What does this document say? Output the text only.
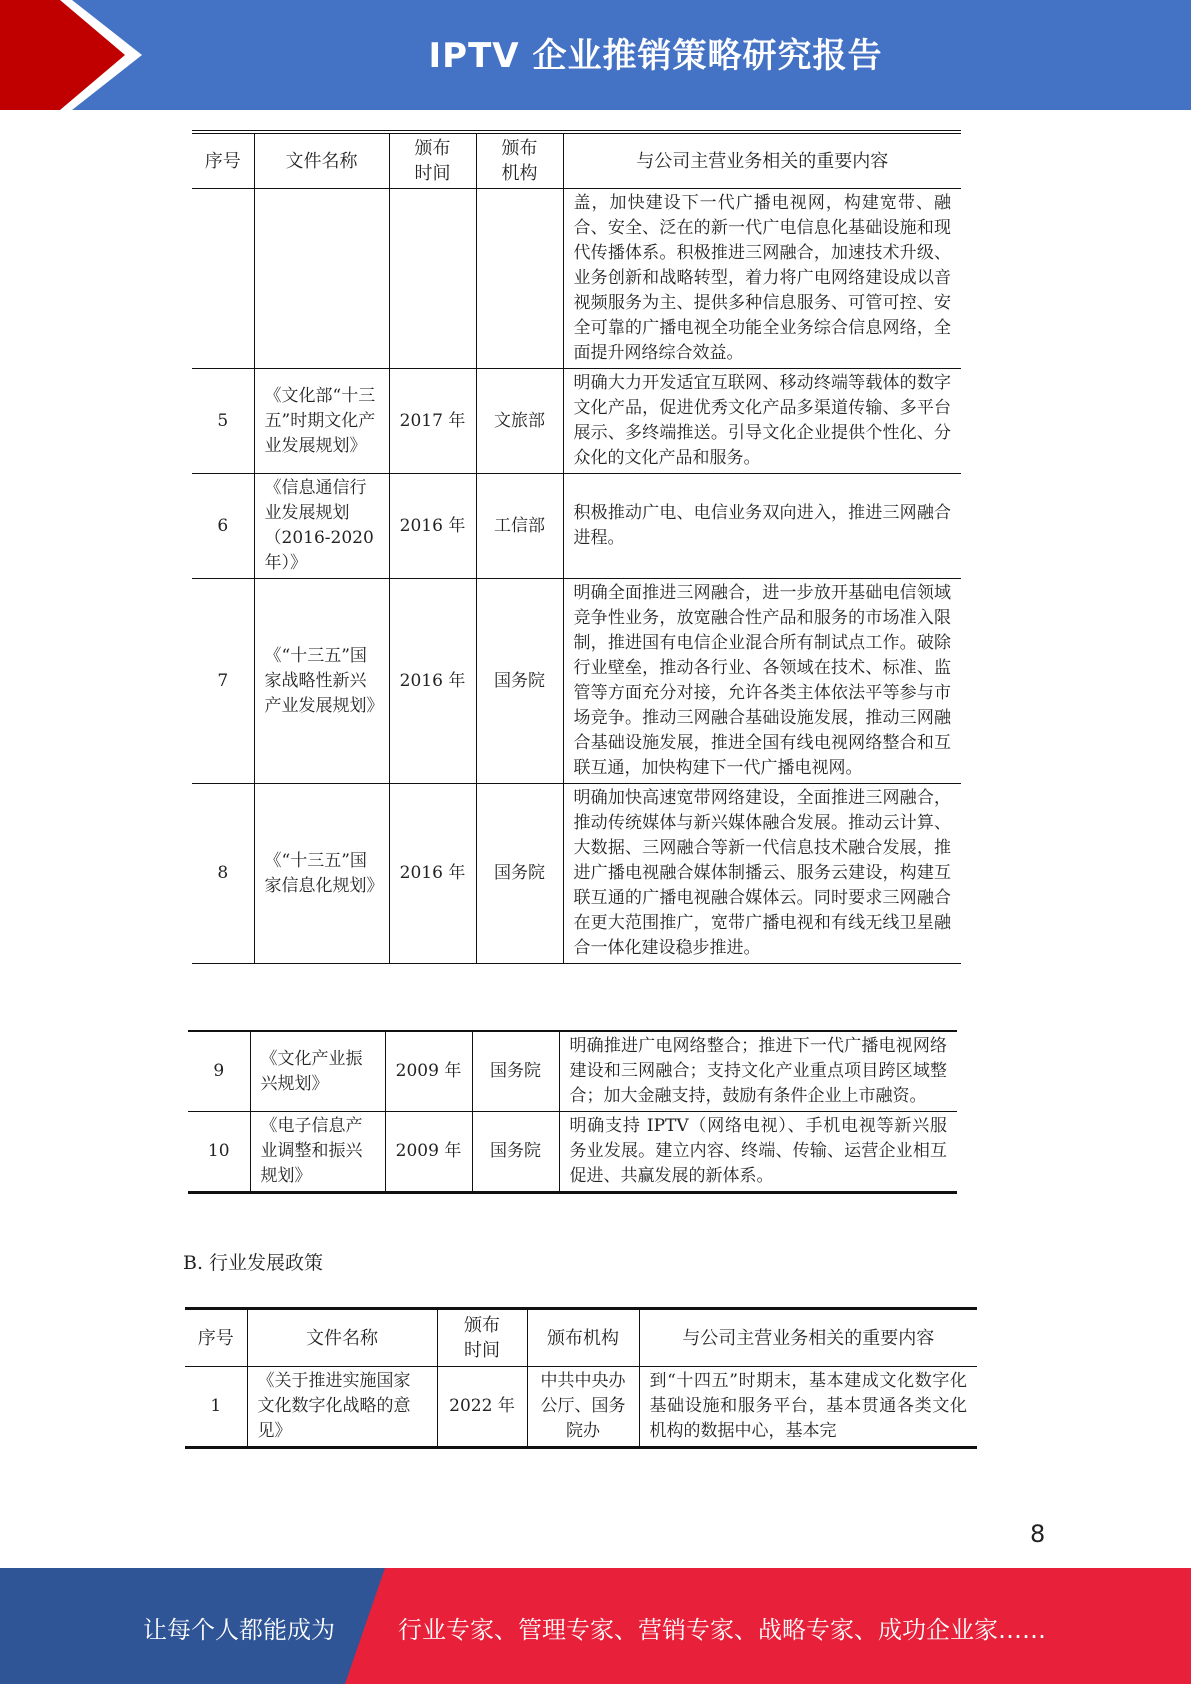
IPTV 企业推销策略研究报告
序号	文件名称	颁布时间	颁布机构	与公司主营业务相关的重要内容
				盖，加快建设下一代广播电视网，构建宽带、融合、安全、泛在的新一代广电信息化基础设施和现代传播体系。积极推进三网融合，加速技术升级、业务创新和战略转型，着力将广电网络建设成以音视频服务为主、提供多种信息服务、可管可控、安全可靠的广播电视全功能全业务综合信息网络，全面提升网络综合效益。
5	《文化部“十三五”时期文化产业发展规划》	2017 年	文旅部	明确大力开发适宜互联网、移动终端等载体的数字文化产品，促进优秀文化产品多渠道传输、多平台展示、多终端推送。引导文化企业提供个性化、分众化的文化产品和服务。
6	《信息通信行业发展规划（2016-2020年）》	2016 年	工信部	积极推动广电、电信业务双向进入，推进三网融合进程。
7	《“十三五”国家战略性新兴产业发展规划》	2016 年	国务院	明确全面推进三网融合，进一步放开基础电信领域竞争性业务，放宽融合性产品和服务的市场准入限制，推进国有电信企业混合所有制试点工作。破除行业壁垒，推动各行业、各领域在技术、标准、监管等方面充分对接，允许各类主体依法平等参与市场竞争。推动三网融合基础设施发展，推动三网融合基础设施发展，推进全国有线电视网络整合和互联互通，加快构建下一代广播电视网。
8	《“十三五”国家信息化规划》	2016 年	国务院	明确加快高速宽带网络建设，全面推进三网融合，推动传统媒体与新兴媒体融合发展。推动云计算、大数据、三网融合等新一代信息技术融合发展，推进广播电视融合媒体制播云、服务云建设，构建互联互通的广播电视融合媒体云。同时要求三网融合在更大范围推广，宽带广播电视和有线无线卫星融合一体化建设稳步推进。
9	《文化产业振兴规划》	2009 年	国务院	明确推进广电网络整合；推进下一代广播电视网络建设和三网融合；支持文化产业重点项目跨区域整合；加大金融支持，鼓励有条件企业上市融资。
10	《电子信息产业调整和振兴规划》	2009 年	国务院	明确支持 IPTV（网络电视）、手机电视等新兴服务业发展。建立内容、终端、传输、运营企业相互促进、共赢发展的新体系。
B. 行业发展政策
序号	文件名称	颁布时间	颁布机构	与公司主营业务相关的重要内容
1	《关于推进实施国家文化数字化战略的意见》	2022 年	中共中央办公厅、国务院办	到“十四五”时期末，基本建成文化数字化基础设施和服务平台，基本贯通各类文化机构的数据中心，基本完
8
让每个人都能成为	行业专家、管理专家、营销专家、战略专家、成功企业家……
